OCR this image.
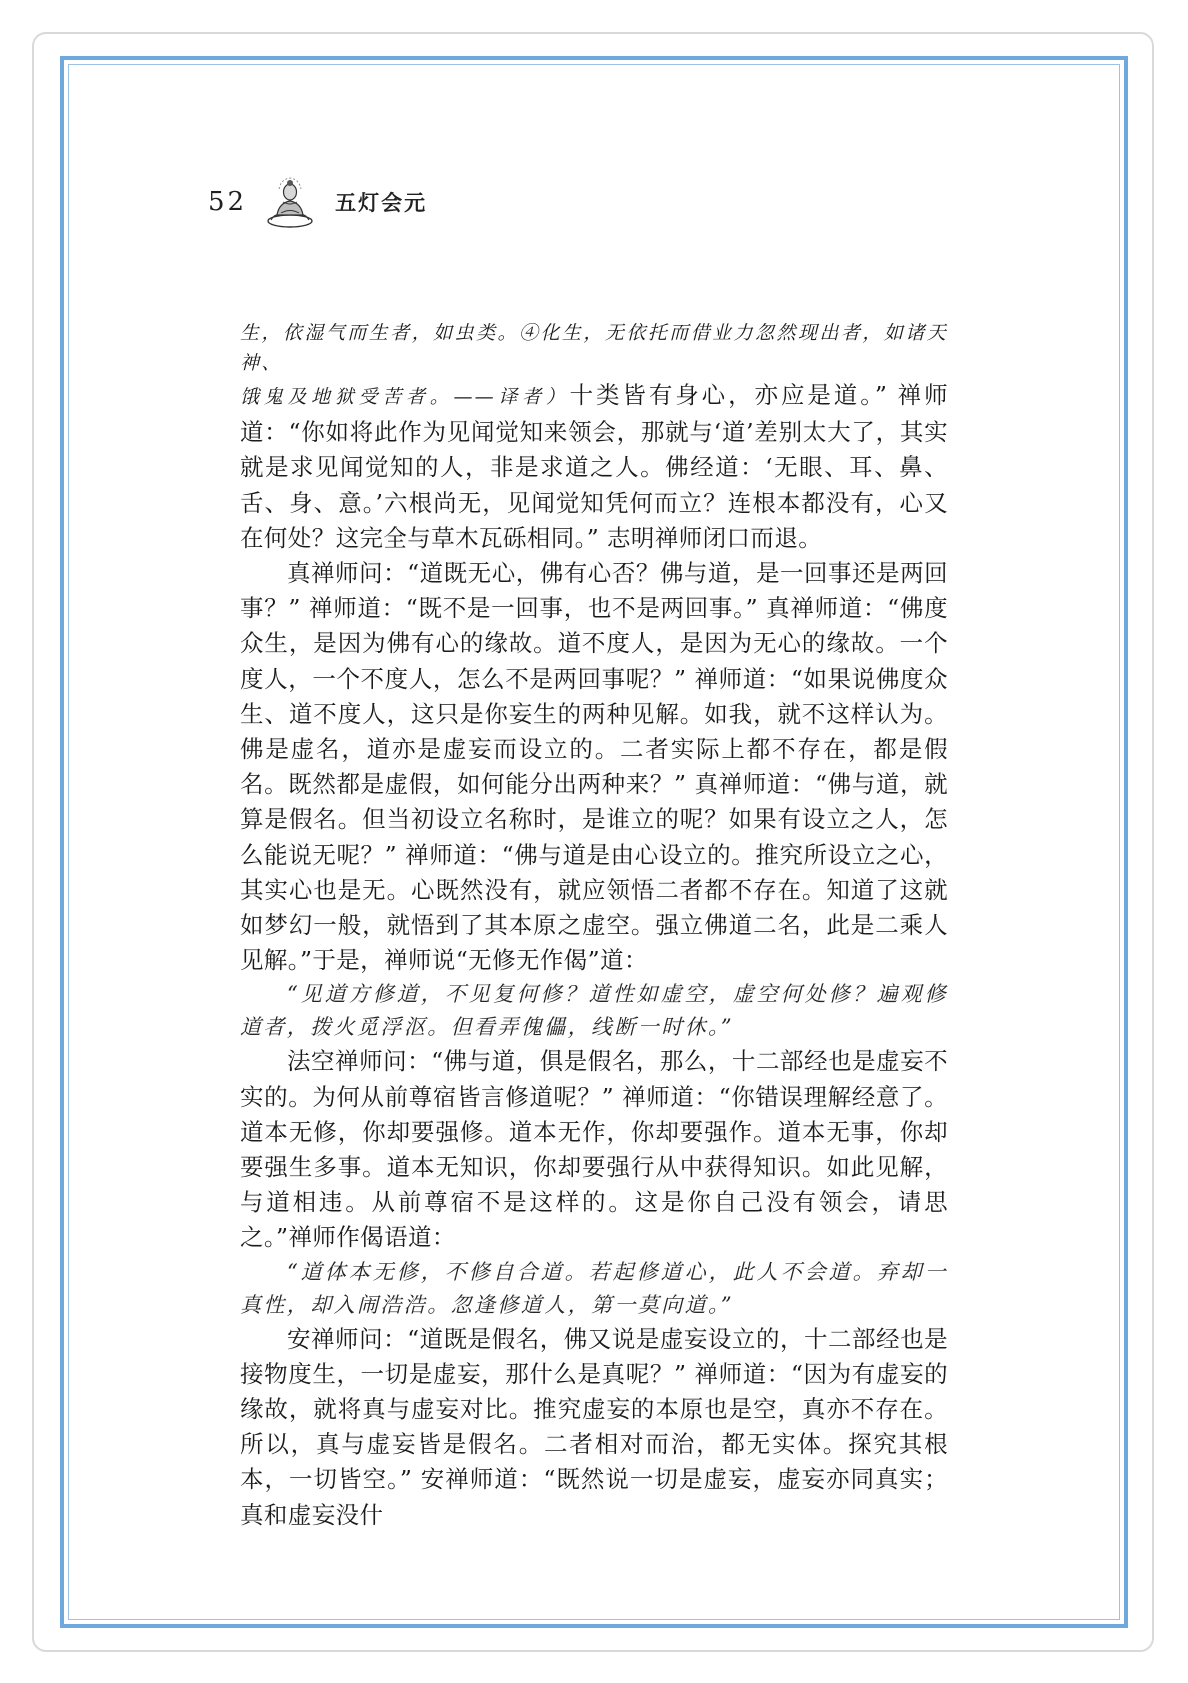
52	五灯会元

生，依湿气而生者，如虫类。④化生，无依托而借业力忽然现出者，如诸天神、

饿鬼及地狱受苦者。——译者）十类皆有身心，亦应是道。” 禅师道：“你如将此作为见闻觉知来领会，那就与‘道’差别太大了，其实就是求见闻觉知的人，非是求道之人。佛经道：‘无眼、耳、鼻、舌、身、意。’六根尚无，见闻觉知凭何而立？连根本都没有，心又在何处？这完全与草木瓦砾相同。” 志明禅师闭口而退。

真禅师问：“道既无心，佛有心否？佛与道，是一回事还是两回事？” 禅师道：“既不是一回事，也不是两回事。” 真禅师道：“佛度众生，是因为佛有心的缘故。道不度人，是因为无心的缘故。一个度人，一个不度人，怎么不是两回事呢？” 禅师道：“如果说佛度众生、道不度人，这只是你妄生的两种见解。如我，就不这样认为。佛是虚名，道亦是虚妄而设立的。二者实际上都不存在，都是假名。既然都是虚假，如何能分出两种来？” 真禅师道：“佛与道，就算是假名。但当初设立名称时，是谁立的呢？如果有设立之人，怎么能说无呢？” 禅师道：“佛与道是由心设立的。推究所设立之心，其实心也是无。心既然没有，就应领悟二者都不存在。知道了这就如梦幻一般，就悟到了其本原之虚空。强立佛道二名，此是二乘人见解。”于是，禅师说“无修无作偈”道：

“见道方修道，不见复何修？道性如虚空，虚空何处修？遍观修道者，拨火觅浮沤。但看弄傀儡，线断一时休。”

法空禅师问：“佛与道，俱是假名，那么，十二部经也是虚妄不实的。为何从前尊宿皆言修道呢？” 禅师道：“你错误理解经意了。道本无修，你却要强修。道本无作，你却要强作。道本无事，你却要强生多事。道本无知识，你却要强行从中获得知识。如此见解，与道相违。从前尊宿不是这样的。这是你自己没有领会，请思之。”禅师作偈语道：

“道体本无修，不修自合道。若起修道心，此人不会道。弃却一真性，却入闹浩浩。忽逢修道人，第一莫向道。”

安禅师问：“道既是假名，佛又说是虚妄设立的，十二部经也是接物度生，一切是虚妄，那什么是真呢？” 禅师道：“因为有虚妄的缘故，就将真与虚妄对比。推究虚妄的本原也是空，真亦不存在。所以，真与虚妄皆是假名。二者相对而治，都无实体。探究其根本，一切皆空。” 安禅师道：“既然说一切是虚妄，虚妄亦同真实；真和虚妄没什
